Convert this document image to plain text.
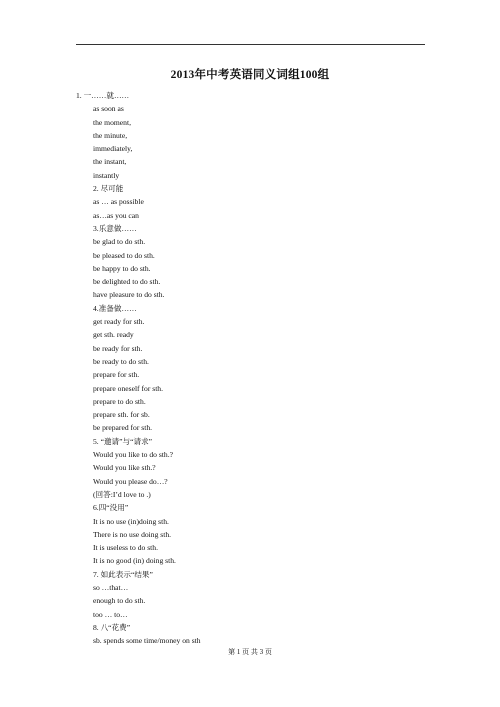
2013年中考英语同义词组100组
1. 一……就……
as soon as
the moment,
the minute,
immediately,
the instant,
instantly
2. 尽可能
as … as possible
as…as you can
3.乐意做……
be glad to do sth.
be pleased to do sth.
be happy to do sth.
be delighted to do sth.
have pleasure to do sth.
4.准备做……
get ready for sth.
get sth. ready
be ready for sth.
be ready to do sth.
prepare for sth.
prepare oneself for sth.
prepare to do sth.
prepare sth. for sb.
be prepared for sth.
5. “邀请”与“请求”
Would you like to do sth.?
Would you like sth.?
Would you please do…?
(回答:I’d love to .)
6.四“没用”
It is no use (in)doing sth.
There is no use doing sth.
It is useless to do sth.
It is no good (in) doing sth.
7. 如此表示“结果”
so …that…
enough to do sth.
too … to…
8. 八“花费”
sb. spends some time/money on sth
第 1 页 共 3 页
